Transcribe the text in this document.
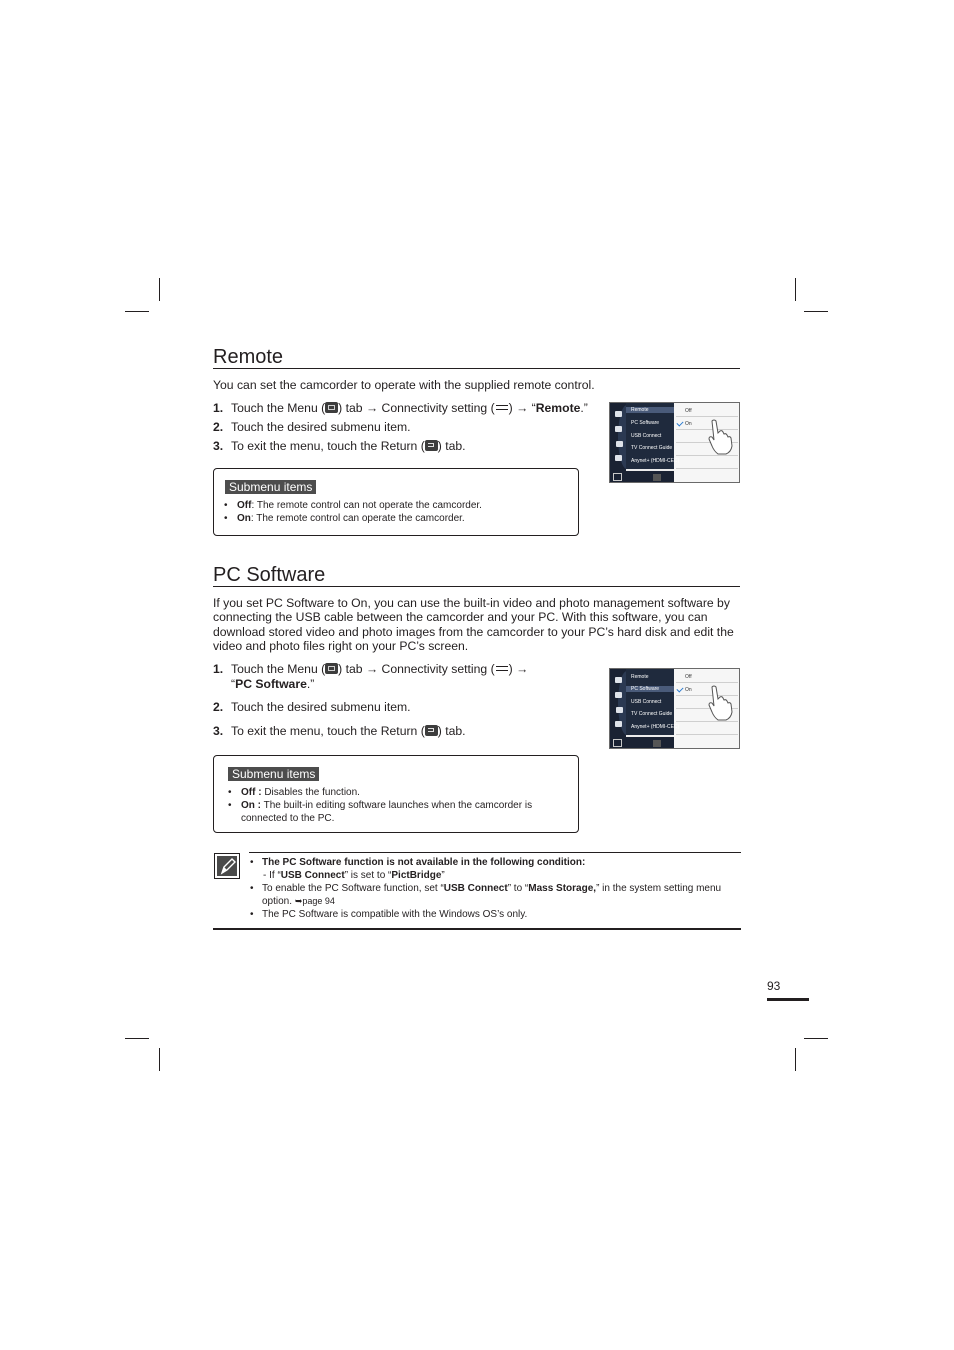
Remote

You can set the camcorder to operate with the supplied remote control.

1. Touch the Menu ( ) tab → Connectivity setting ( ) → “Remote.”
2. Touch the desired submenu item.
3. To exit the menu, touch the Return ( ) tab.
Remote
PC Software
USB Connect
TV Connect Guide
Anynet+ (HDMI-CEC)
Off
On
Submenu items
• Off: The remote control can not operate the camcorder.
• On: The remote control can operate the camcorder.
PC Software

If you set PC Software to On, you can use the built-in video and photo management software by connecting the USB cable between the camcorder and your PC. With this software, you can download stored video and photo images from the camcorder to your PC’s hard disk and edit the video and photo files right on your PC’s screen.

1. Touch the Menu ( ) tab → Connectivity setting ( ) →
“PC Software.”
2. Touch the desired submenu item.
3. To exit the menu, touch the Return ( ) tab.
Remote
PC Software
USB Connect
TV Connect Guide
Anynet+ (HDMI-CEC)
Off
On
Submenu items
• Off : Disables the function.
• On : The built-in editing software launches when the camcorder is connected to the PC.
• The PC Software function is not available in the following condition:
- If “USB Connect” is set to “PictBridge”
• To enable the PC Software function, set “USB Connect” to “Mass Storage,” in the system setting menu option. ➥page 94
• The PC Software is compatible with the Windows OS’s only.
93
